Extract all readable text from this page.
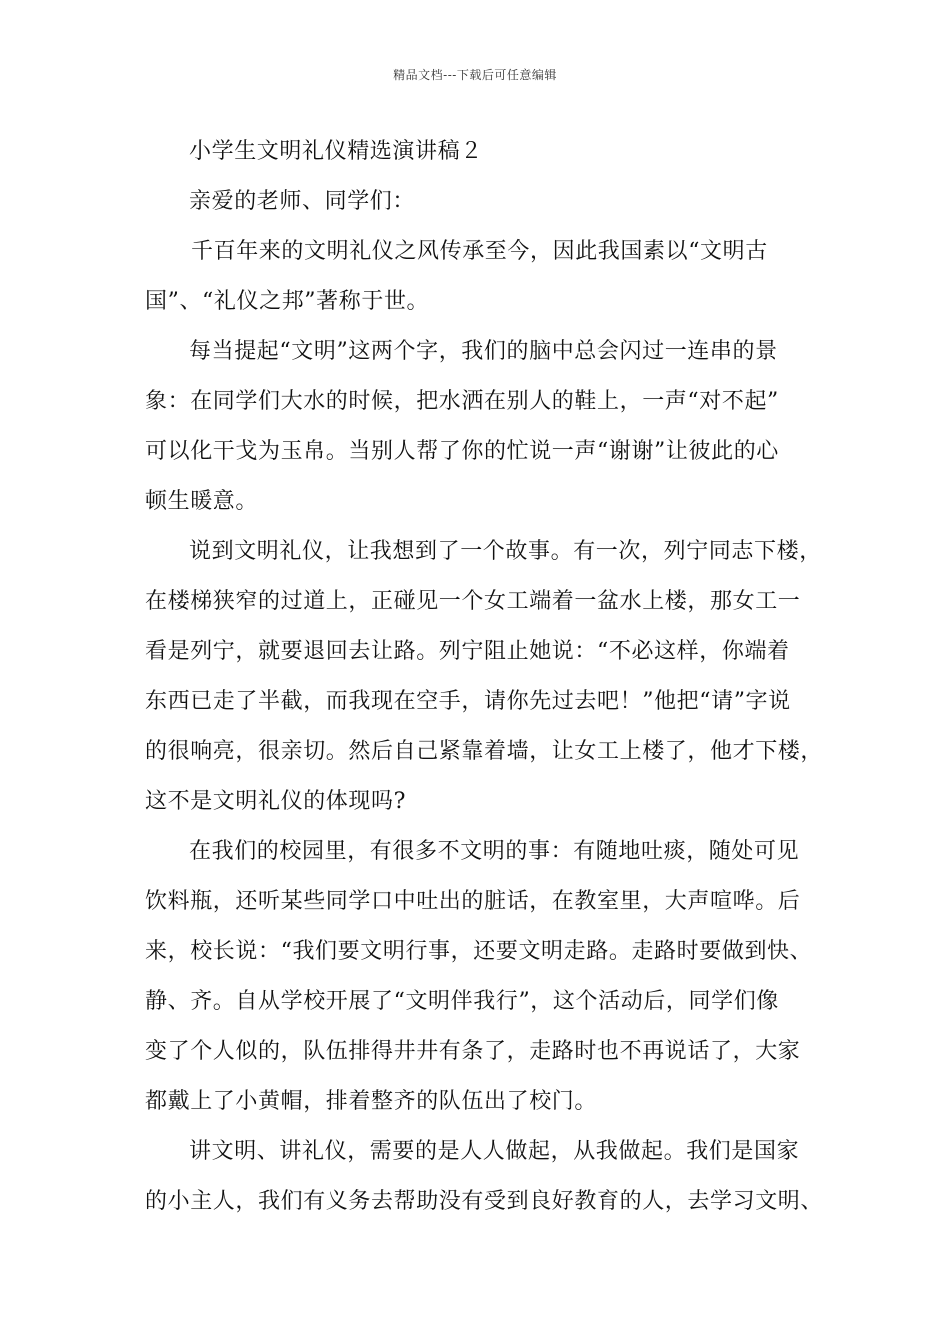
精品文档---下载后可任意编辑
小学生文明礼仪精选演讲稿２
亲爱的老师、同学们：
千百年来的文明礼仪之风传承至今，因此我国素以“文明古
国”、“礼仪之邦”著称于世。
每当提起“文明”这两个字，我们的脑中总会闪过一连串的景
象：在同学们大水的时候，把水洒在别人的鞋上，一声“对不起”
可以化干戈为玉帛。当别人帮了你的忙说一声“谢谢”让彼此的心
顿生暖意。
说到文明礼仪，让我想到了一个故事。有一次，列宁同志下楼，
在楼梯狭窄的过道上，正碰见一个女工端着一盆水上楼，那女工一
看是列宁，就要退回去让路。列宁阻止她说：“不必这样，你端着
东西已走了半截，而我现在空手，请你先过去吧！”他把“请”字说
的很响亮，很亲切。然后自己紧靠着墙，让女工上楼了，他才下楼，
这不是文明礼仪的体现吗?
在我们的校园里，有很多不文明的事：有随地吐痰，随处可见
饮料瓶，还听某些同学口中吐出的脏话，在教室里，大声喧哗。后
来，校长说：“我们要文明行事，还要文明走路。走路时要做到快、
静、齐。自从学校开展了“文明伴我行”，这个活动后，同学们像
变了个人似的，队伍排得井井有条了，走路时也不再说话了，大家
都戴上了小黄帽，排着整齐的队伍出了校门。
讲文明、讲礼仪，需要的是人人做起，从我做起。我们是国家
的小主人，我们有义务去帮助没有受到良好教育的人，去学习文明、
